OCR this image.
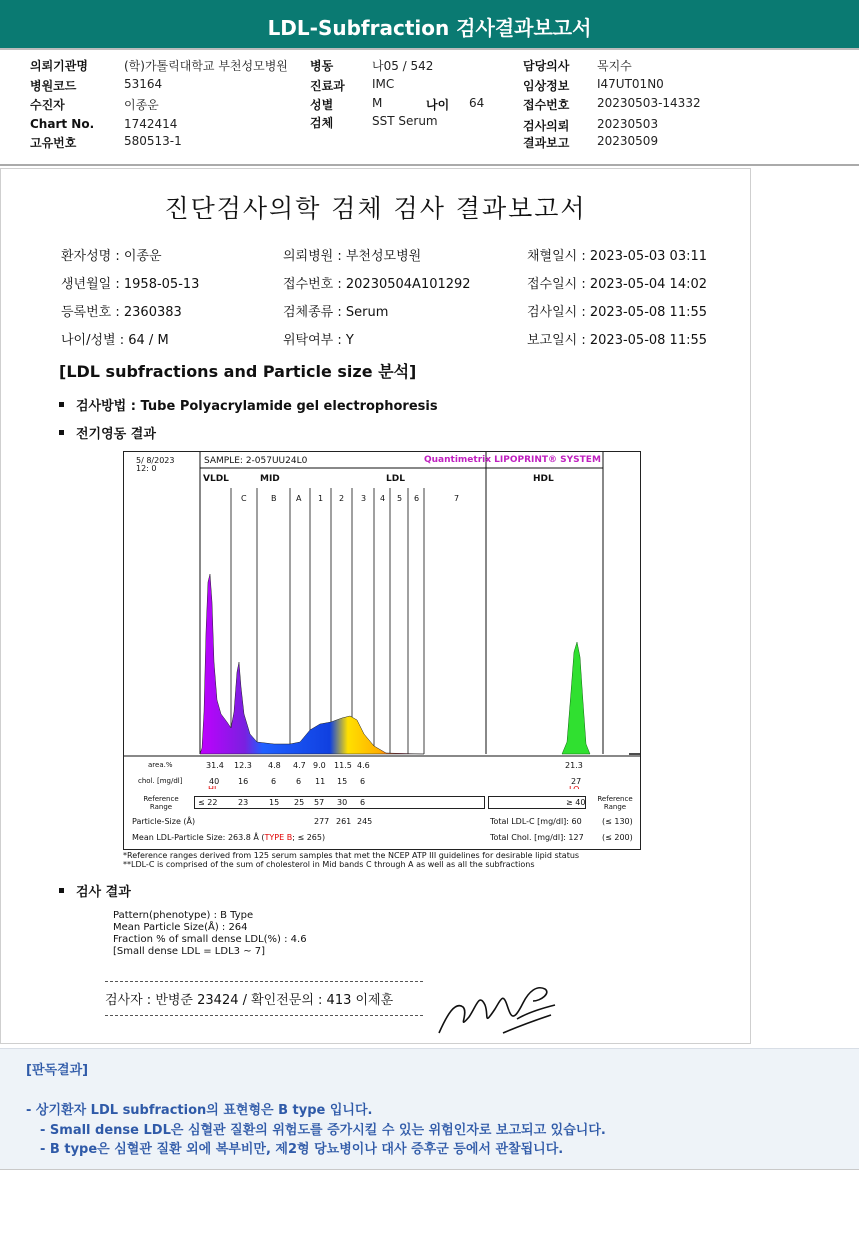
LDL-Subfraction 검사결과보고서
의뢰기관명	(학)가톨릭대학교 부천성모병원 병동	나05 / 542	담당의사 목지수
병원코드	53164	진료과 IMC	임상정보 I47UT01N0
수진자	이종운	성별	M	나이 64	접수번호 20230503-14332
Chart No. 1742414	검체	SST Serum	검사의뢰 20230503
고유번호	580513-1	결과보고 20230509
진단검사의학 검체 검사 결과보고서
환자성명 : 이종운	의뢰병원 : 부천성모병원	채혈일시 : 2023-05-03 03:11
생년월일 : 1958-05-13	접수번호 : 20230504A101292	접수일시 : 2023-05-04 14:02
등록번호 : 2360383	검체종류 : Serum	검사일시 : 2023-05-08 11:55
나이/성별 : 64 / M	위탁여부 : Y	보고일시 : 2023-05-08 11:55
[LDL subfractions and Particle size 분석]
검사방법 : Tube Polyacrylamide gel electrophoresis
전기영동 결과
5/ 8/2023
12: 0
SAMPLE: 2-057UU24L0	Quantimetrix LIPOPRINT® SYSTEM
VLDL	MID	LDL	HDL
C	B A 1 2 3 4 5 6	7
area.%	31.4 12.3 4.8 4.7 9.0 11.5 4.6	21.3
chol. [mg/dl]	40 16	6 6 11 15 6	27
Reference Range	≤ 22	23	15 25 57 30 6	≥ 40	Reference Range
Particle-Size (Å)	277 261 245	Total LDL-C [mg/dl]: 60	(≤ 130)
Mean LDL-Particle Size: 263.8 Å (TYPE B; ≤ 265)	Total Chol. [mg/dl]: 127 (≤ 200)
*Reference ranges derived from 125 serum samples that met the NCEP ATP III guidelines for desirable lipid status
**LDL-C is comprised of the sum of cholesterol in Mid bands C through A as well as all the subfractions
검사 결과
Pattern(phenotype) : B Type
Mean Particle Size(Å) : 264
Fraction % of small dense LDL(%) : 4.6
[Small dense LDL = LDL3 ~ 7]
검사자 : 반병준 23424 / 확인전문의 : 413 이제훈
[판독결과]
- 상기환자 LDL subfraction의 표현형은 B type 입니다.
- Small dense LDL은 심혈관 질환의 위험도를 증가시킬 수 있는 위험인자로 보고되고 있습니다.
- B type은 심혈관 질환 외에 복부비만, 제2형 당뇨병이나 대사 증후군 등에서 관찰됩니다.
